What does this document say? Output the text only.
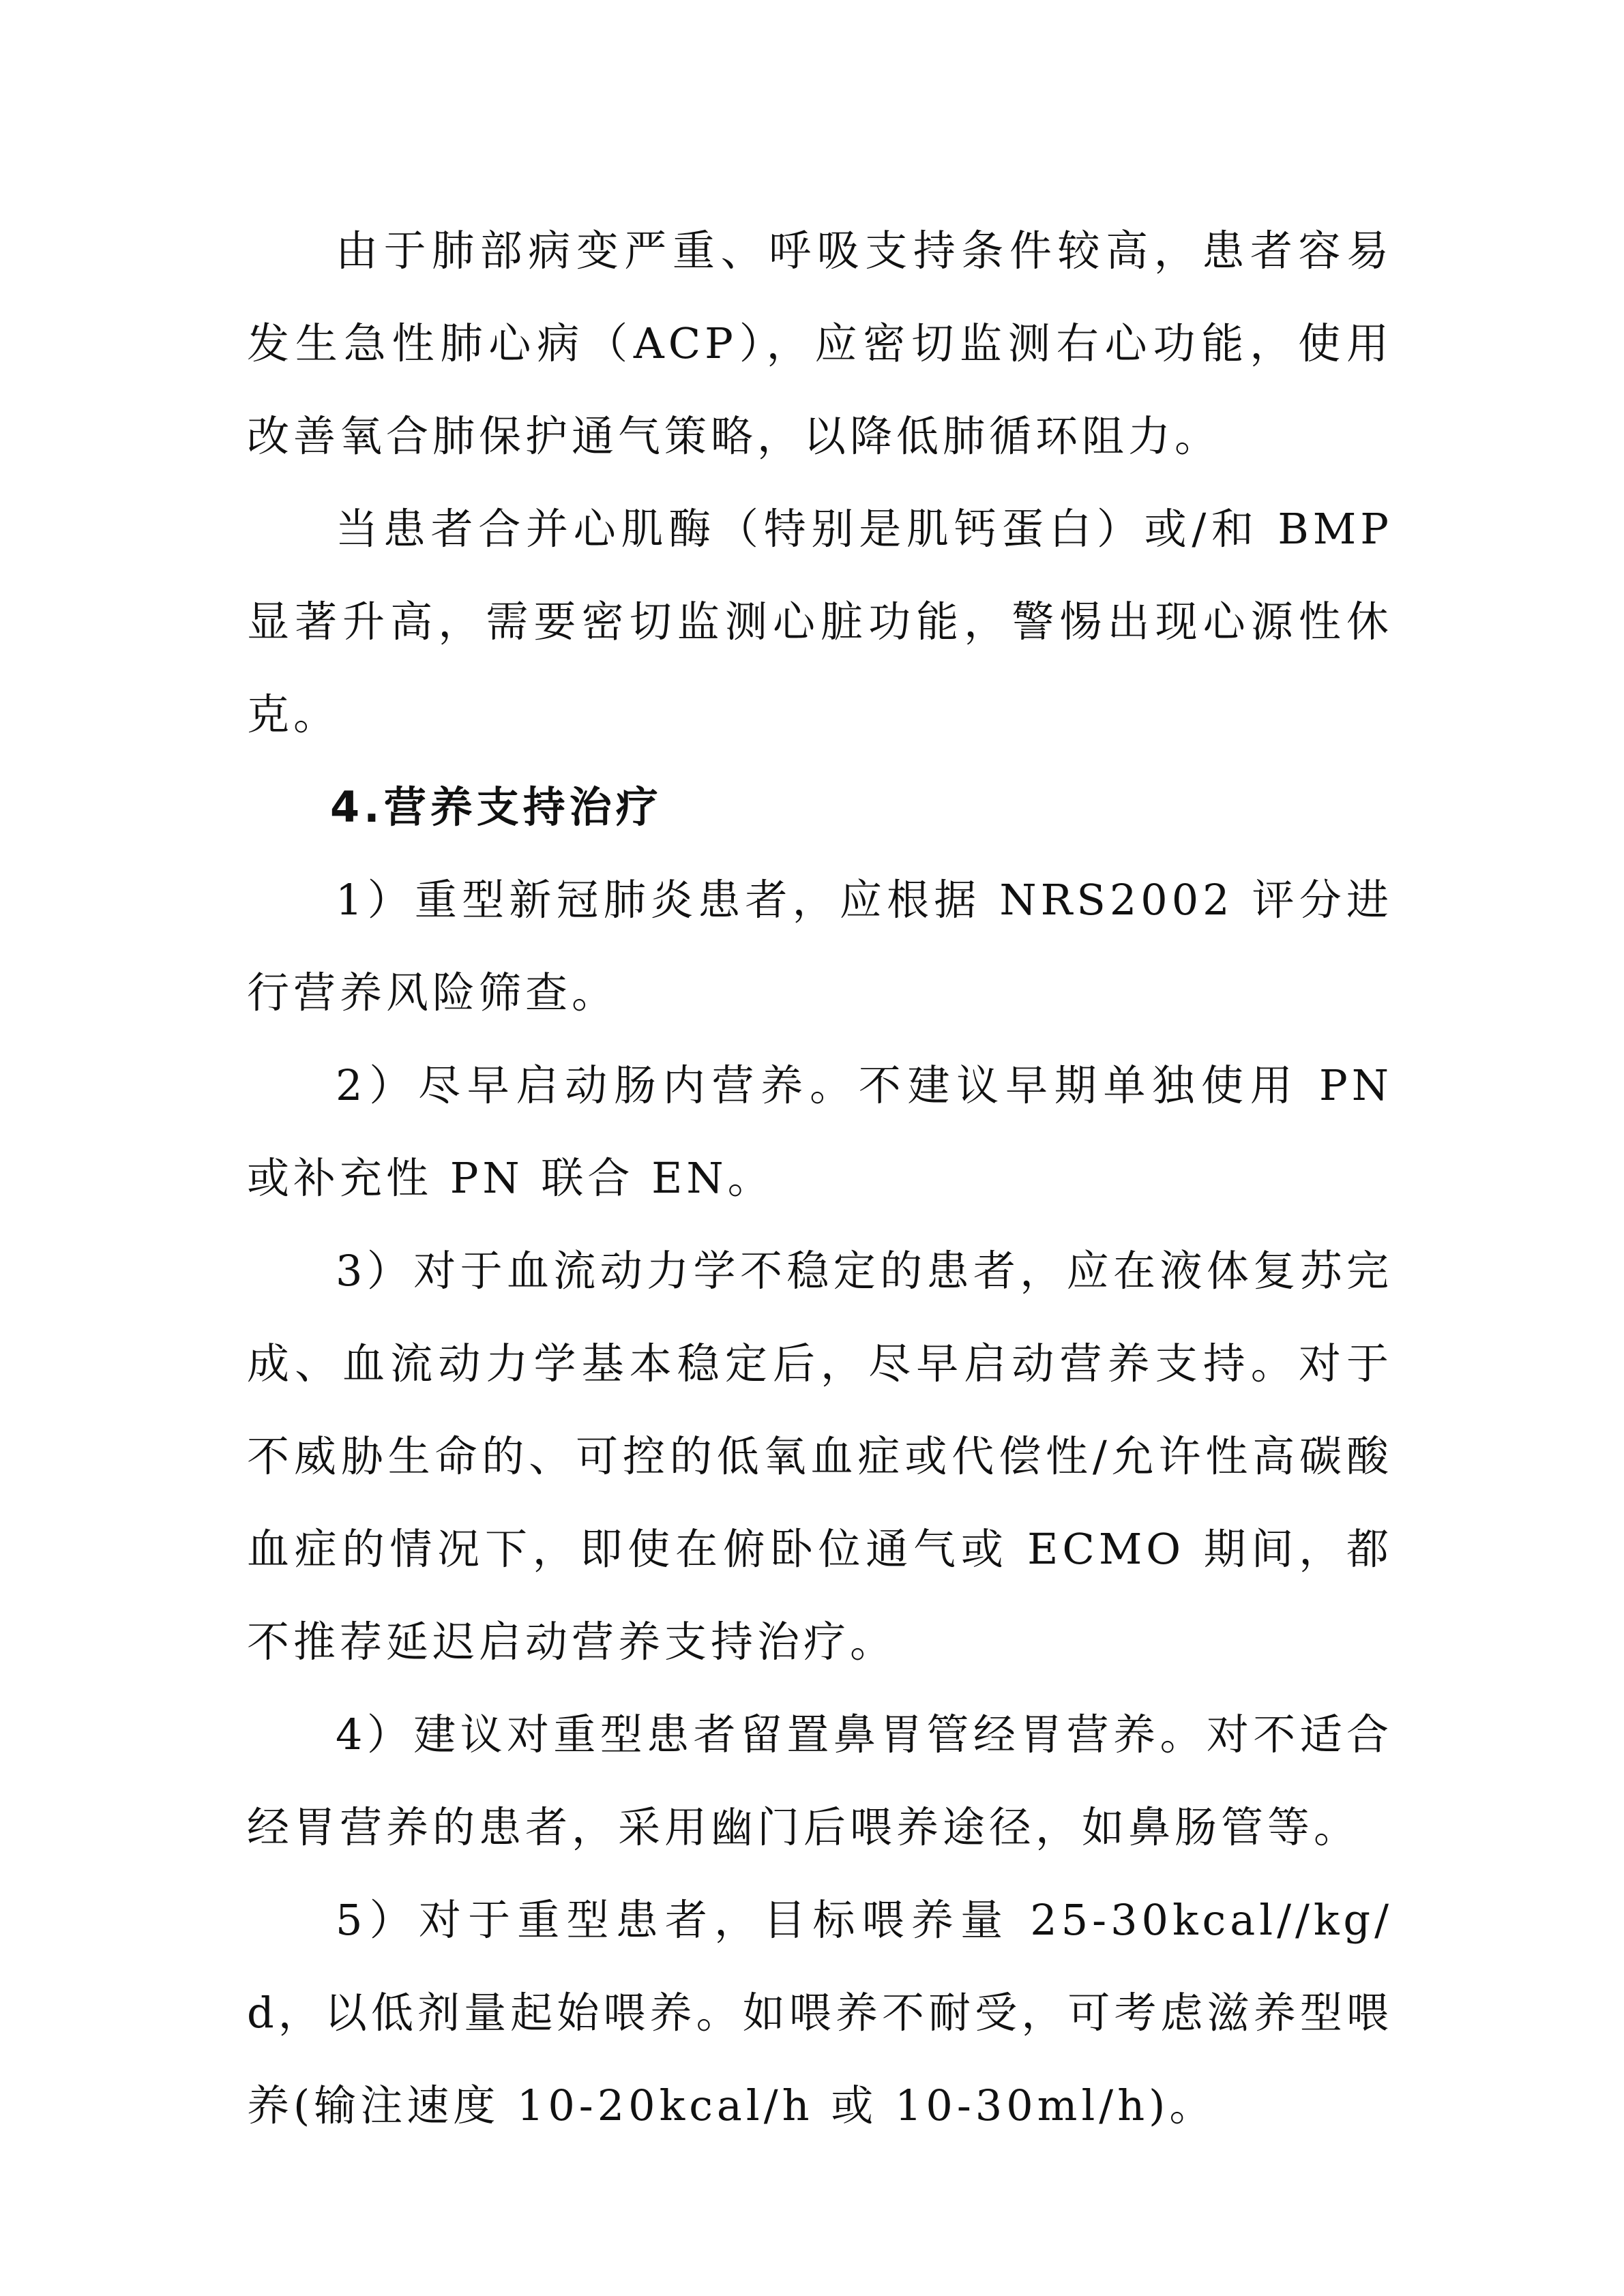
由于肺部病变严重、呼吸支持条件较高，患者容易发生急性肺心病（ACP），应密切监测右心功能，使用改善氧合肺保护通气策略，以降低肺循环阻力。

当患者合并心肌酶（特别是肌钙蛋白）或/和 BMP 显著升高，需要密切监测心脏功能，警惕出现心源性休克。

4.营养支持治疗

1）重型新冠肺炎患者，应根据 NRS2002 评分进行营养风险筛查。

2）尽早启动肠内营养。不建议早期单独使用 PN 或补充性 PN 联合 EN。

3）对于血流动力学不稳定的患者，应在液体复苏完成、血流动力学基本稳定后，尽早启动营养支持。对于不威胁生命的、可控的低氧血症或代偿性/允许性高碳酸血症的情况下，即使在俯卧位通气或 ECMO 期间，都不推荐延迟启动营养支持治疗。

4）建议对重型患者留置鼻胃管经胃营养。对不适合经胃营养的患者，采用幽门后喂养途径，如鼻肠管等。

5）对于重型患者，目标喂养量 25-30kcal//kg/d，以低剂量起始喂养。如喂养不耐受，可考虑滋养型喂养(输注速度 10-20kcal/h 或 10-30ml/h)。
